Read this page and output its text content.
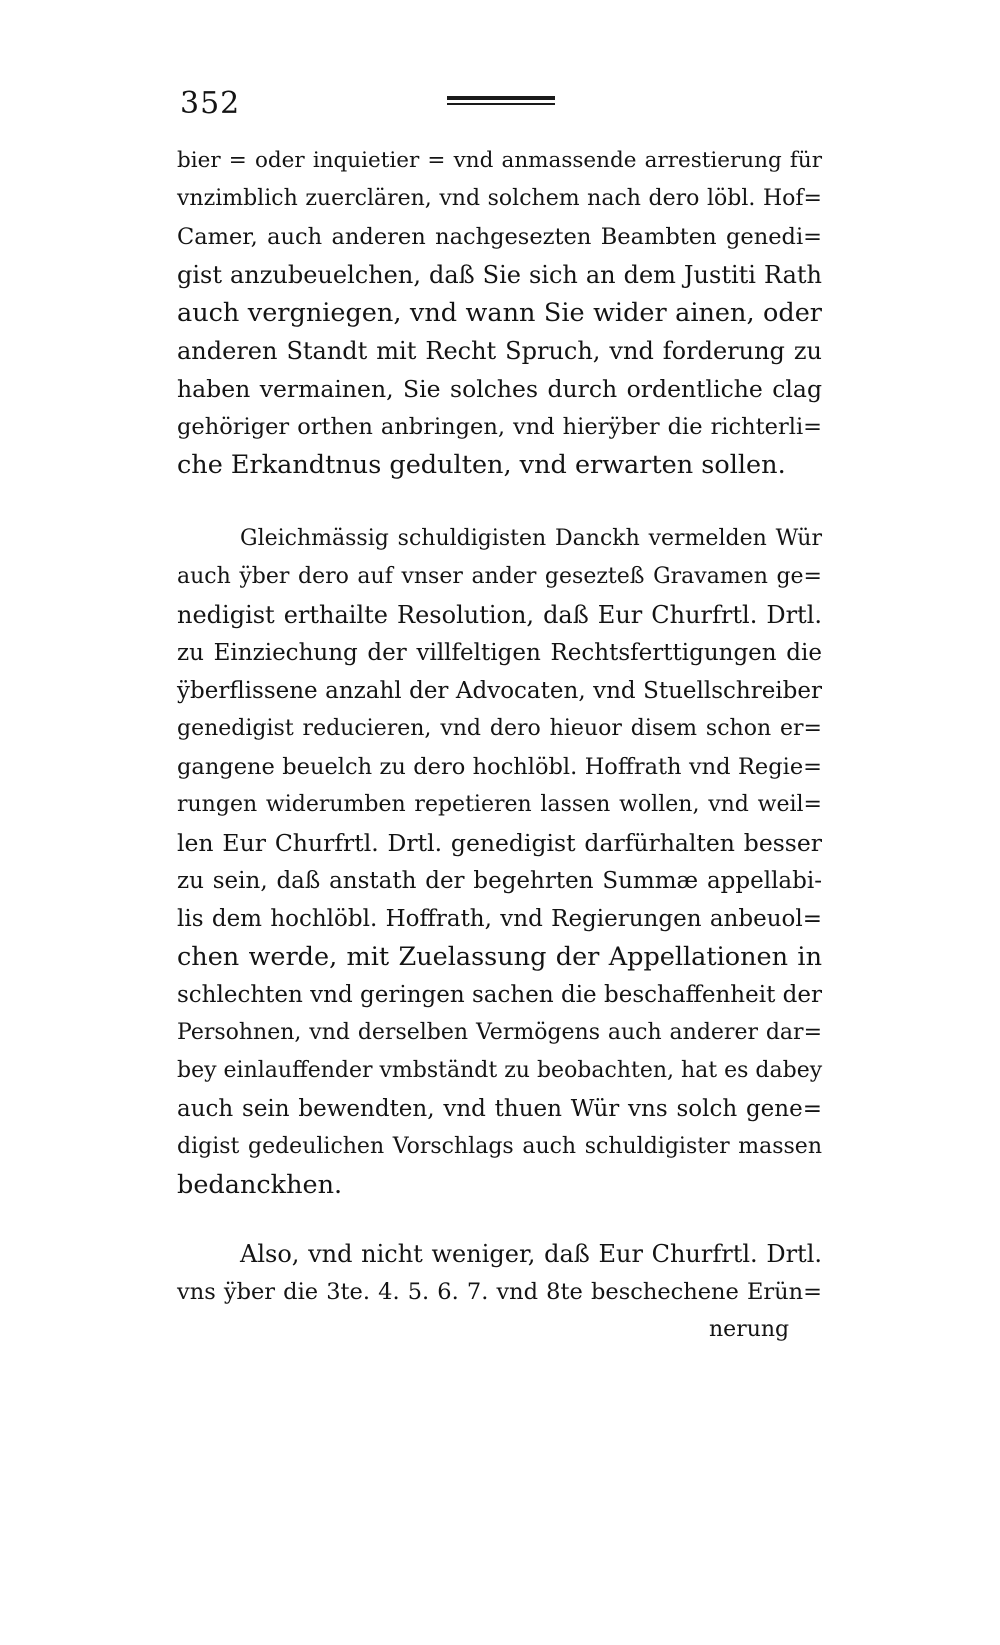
352
bier = oder inquietier = vnd anmassende arrestierung für
vnzimblich zuerclären, vnd solchem nach dero löbl. Hof=
Camer, auch anderen nachgesezten Beambten genedi=
gist anzubeuelchen, daß Sie sich an dem Justiti Rath
auch vergniegen, vnd wann Sie wider ainen, oder
anderen Standt mit Recht Spruch, vnd forderung zu
haben vermainen, Sie solches durch ordentliche clag
gehöriger orthen anbringen, vnd hierÿber die richterli=
che Erkandtnus gedulten, vnd erwarten sollen.
Gleichmässig schuldigisten Danckh vermelden Wür
auch ÿber dero auf vnser ander gesezteß Gravamen ge=
nedigist erthailte Resolution, daß Eur Churfrtl. Drtl.
zu Einziechung der villfeltigen Rechtsferttigungen die
ÿberflissene anzahl der Advocaten, vnd Stuellschreiber
genedigist reducieren, vnd dero hieuor disem schon er=
gangene beuelch zu dero hochlöbl. Hoffrath vnd Regie=
rungen widerumben repetieren lassen wollen, vnd weil=
len Eur Churfrtl. Drtl. genedigist darfürhalten besser
zu sein, daß anstath der begehrten Summæ appellabi-
lis dem hochlöbl. Hoffrath, vnd Regierungen anbeuol=
chen werde, mit Zuelassung der Appellationen in
schlechten vnd geringen sachen die beschaffenheit der
Persohnen, vnd derselben Vermögens auch anderer dar=
bey einlauffender vmbständt zu beobachten, hat es dabey
auch sein bewendten, vnd thuen Wür vns solch gene=
digist gedeulichen Vorschlags auch schuldigister massen
bedanckhen.
Also, vnd nicht weniger, daß Eur Churfrtl. Drtl.
vns ÿber die 3te. 4. 5. 6. 7. vnd 8te beschechene Erün=
nerung
